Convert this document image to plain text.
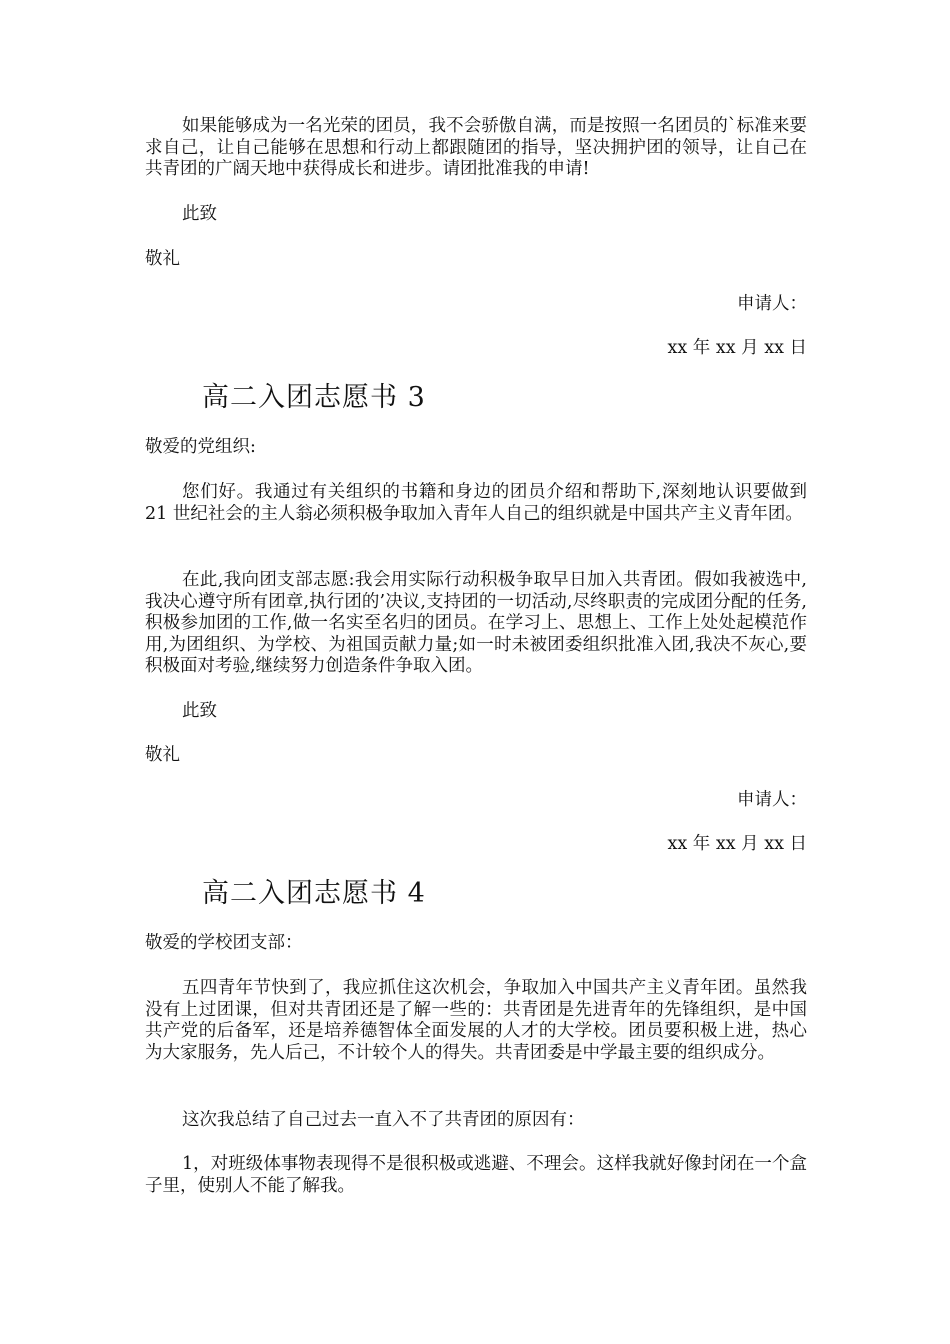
如果能够成为一名光荣的团员，我不会骄傲自满，而是按照一名团员的`标准来要求自己，让自己能够在思想和行动上都跟随团的指导，坚决拥护团的领导，让自己在共青团的广阔天地中获得成长和进步。请团批准我的申请!
此致
敬礼
申请人：
xx 年 xx 月 xx 日
高二入团志愿书 3
敬爱的党组织:
您们好。我通过有关组织的书籍和身边的团员介绍和帮助下,深刻地认识要做到 21 世纪社会的主人翁必须积极争取加入青年人自己的组织就是中国共产主义青年团。
在此,我向团支部志愿:我会用实际行动积极争取早日加入共青团。假如我被选中,我决心遵守所有团章,执行团的’决议,支持团的一切活动,尽终职责的完成团分配的任务,积极参加团的工作,做一名实至名归的团员。在学习上、思想上、工作上处处起模范作用,为团组织、为学校、为祖国贡献力量;如一时未被团委组织批准入团,我决不灰心,要积极面对考验,继续努力创造条件争取入团。
此致
敬礼
申请人：
xx 年 xx 月 xx 日
高二入团志愿书 4
敬爱的学校团支部：
五四青年节快到了，我应抓住这次机会，争取加入中国共产主义青年团。虽然我没有上过团课，但对共青团还是了解一些的：共青团是先进青年的先锋组织，是中国共产党的后备军，还是培养德智体全面发展的人才的大学校。团员要积极上进，热心为大家服务，先人后己，不计较个人的得失。共青团委是中学最主要的组织成分。
这次我总结了自己过去一直入不了共青团的原因有：
1，对班级体事物表现得不是很积极或逃避、不理会。这样我就好像封闭在一个盒子里，使别人不能了解我。
